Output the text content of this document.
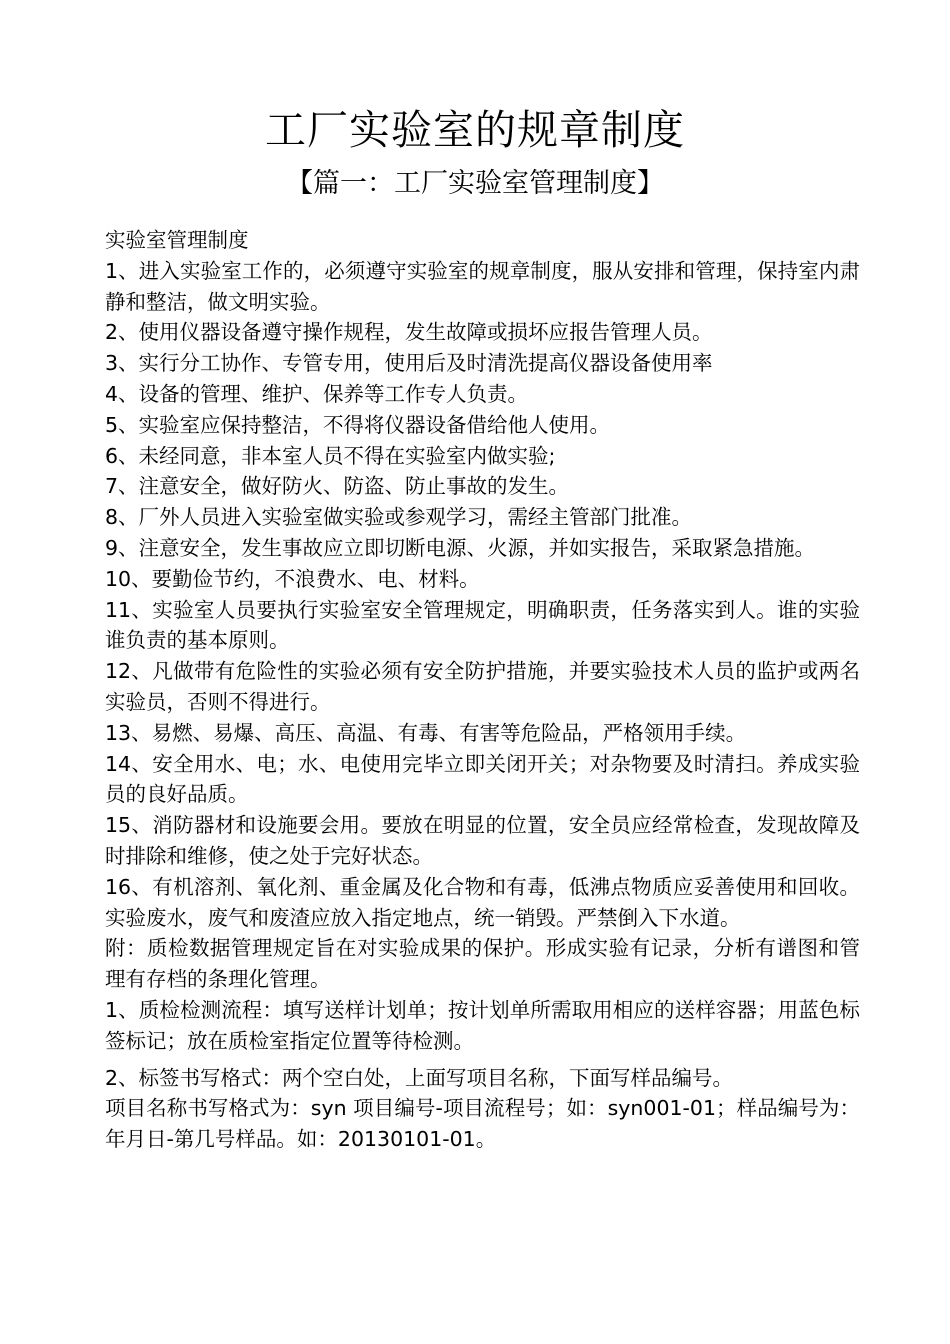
工厂实验室的规章制度
【篇一：工厂实验室管理制度】

实验室管理制度

1、进入实验室工作的，必须遵守实验室的规章制度，服从安排和管理，保持室内肃静和整洁，做文明实验。

2、使用仪器设备遵守操作规程，发生故障或损坏应报告管理人员。

3、实行分工协作、专管专用，使用后及时清洗提高仪器设备使用率

4、设备的管理、维护、保养等工作专人负责。

5、实验室应保持整洁，不得将仪器设备借给他人使用。

6、未经同意，非本室人员不得在实验室内做实验;

7、注意安全，做好防火、防盗、防止事故的发生。

8、厂外人员进入实验室做实验或参观学习，需经主管部门批准。

9、注意安全，发生事故应立即切断电源、火源，并如实报告，采取紧急措施。

10、要勤俭节约，不浪费水、电、材料。

11、实验室人员要执行实验室安全管理规定，明确职责，任务落实到人。谁的实验谁负责的基本原则。

12、凡做带有危险性的实验必须有安全防护措施，并要实验技术人员的监护或两名实验员，否则不得进行。

13、易燃、易爆、高压、高温、有毒、有害等危险品，严格领用手续。

14、安全用水、电；水、电使用完毕立即关闭开关；对杂物要及时清扫。养成实验员的良好品质。

15、消防器材和设施要会用。要放在明显的位置，安全员应经常检查，发现故障及时排除和维修，使之处于完好状态。

16、有机溶剂、氧化剂、重金属及化合物和有毒，低沸点物质应妥善使用和回收。实验废水，废气和废渣应放入指定地点，统一销毁。严禁倒入下水道。

附：质检数据管理规定旨在对实验成果的保护。形成实验有记录，分析有谱图和管理有存档的条理化管理。

1、质检检测流程：填写送样计划单；按计划单所需取用相应的送样容器；用蓝色标签标记；放在质检室指定位置等待检测。

2、标签书写格式：两个空白处，上面写项目名称，下面写样品编号。

项目名称书写格式为：syn 项目编号-项目流程号；如：syn001-01；样品编号为：年月日-第几号样品。如：20130101-01。
